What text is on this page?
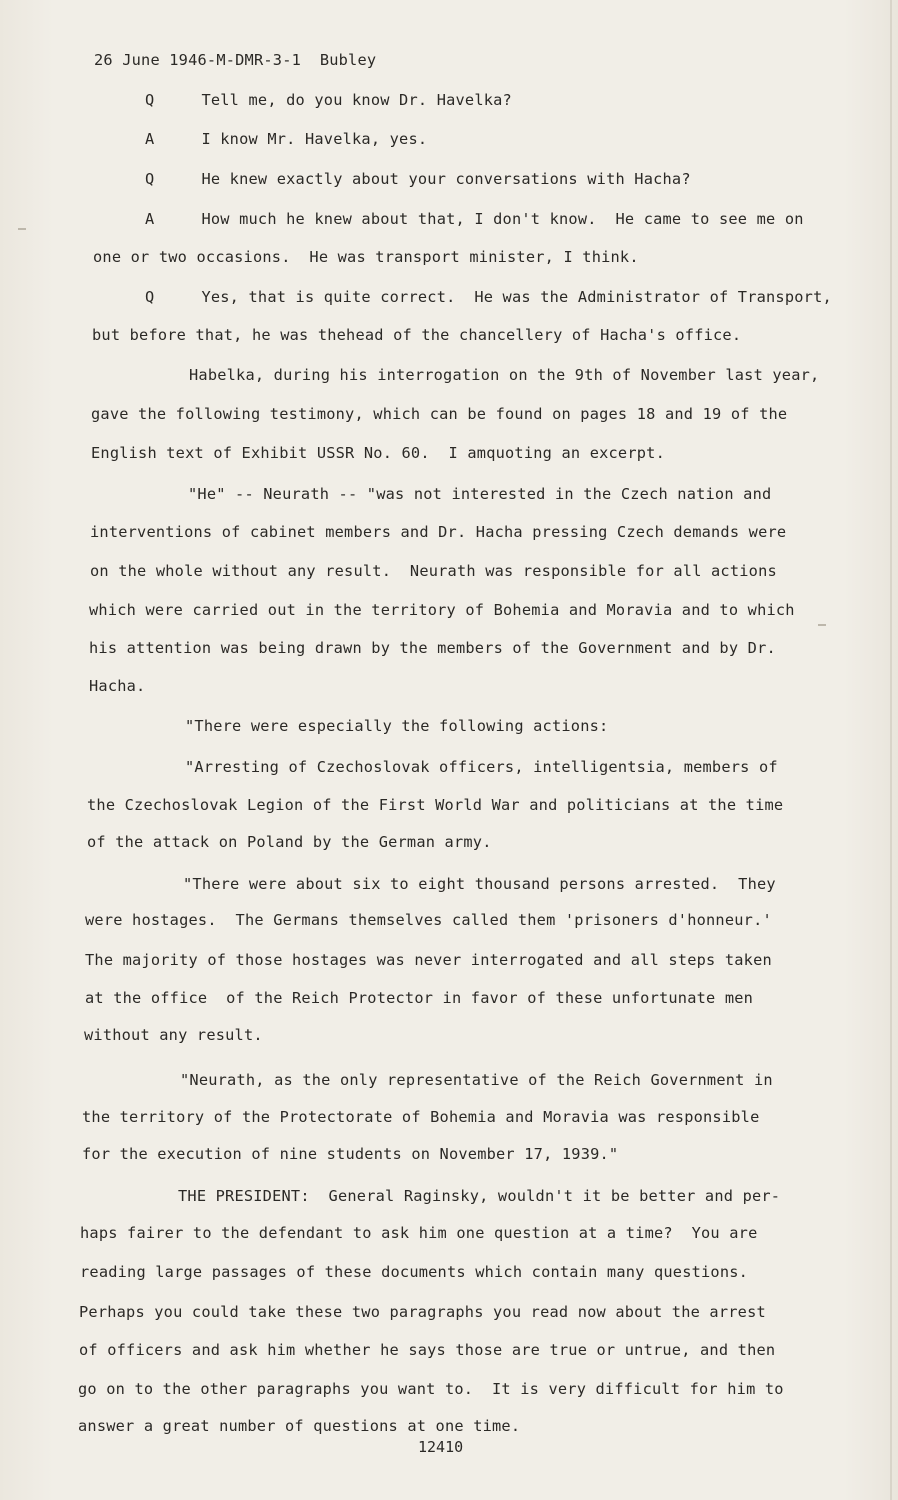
26 June 1946-M-DMR-3-1  Bubley
Q     Tell me, do you know Dr. Havelka?
A     I know Mr. Havelka, yes.
Q     He knew exactly about your conversations with Hacha?
A     How much he knew about that, I don't know.  He came to see me on
one or two occasions.  He was transport minister, I think.
Q     Yes, that is quite correct.  He was the Administrator of Transport,
but before that, he was thehead of the chancellery of Hacha's office.
Habelka, during his interrogation on the 9th of November last year,
gave the following testimony, which can be found on pages 18 and 19 of the
English text of Exhibit USSR No. 60.  I amquoting an excerpt.
"He" -- Neurath -- "was not interested in the Czech nation and
interventions of cabinet members and Dr. Hacha pressing Czech demands were
on the whole without any result.  Neurath was responsible for all actions
which were carried out in the territory of Bohemia and Moravia and to which
his attention was being drawn by the members of the Government and by Dr.
Hacha.
"There were especially the following actions:
"Arresting of Czechoslovak officers, intelligentsia, members of
the Czechoslovak Legion of the First World War and politicians at the time
of the attack on Poland by the German army.
"There were about six to eight thousand persons arrested.  They
were hostages.  The Germans themselves called them 'prisoners d'honneur.'
The majority of those hostages was never interrogated and all steps taken
at the office  of the Reich Protector in favor of these unfortunate men
without any result.
"Neurath, as the only representative of the Reich Government in
the territory of the Protectorate of Bohemia and Moravia was responsible
for the execution of nine students on November 17, 1939."
THE PRESIDENT:  General Raginsky, wouldn't it be better and per-
haps fairer to the defendant to ask him one question at a time?  You are
reading large passages of these documents which contain many questions.
Perhaps you could take these two paragraphs you read now about the arrest
of officers and ask him whether he says those are true or untrue, and then
go on to the other paragraphs you want to.  It is very difficult for him to
answer a great number of questions at one time.
12410
